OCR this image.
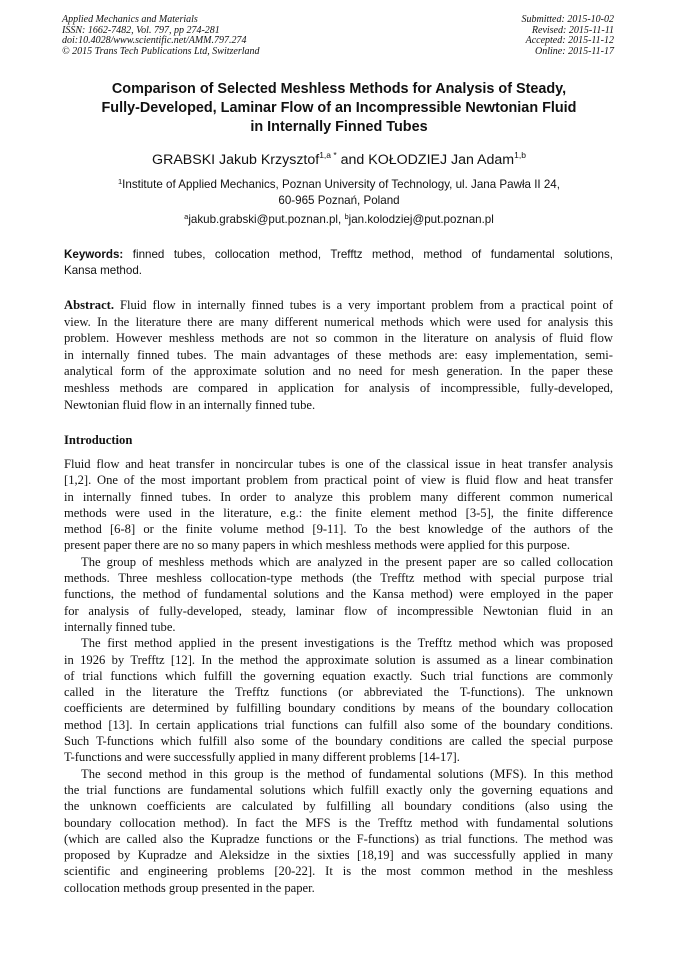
Applied Mechanics and Materials
ISSN: 1662-7482, Vol. 797, pp 274-281
doi:10.4028/www.scientific.net/AMM.797.274
© 2015 Trans Tech Publications Ltd, Switzerland
Submitted: 2015-10-02
Revised: 2015-11-11
Accepted: 2015-11-12
Online: 2015-11-17
Comparison of Selected Meshless Methods for Analysis of Steady,
Fully-Developed, Laminar Flow of an Incompressible Newtonian Fluid
in Internally Finned Tubes
GRABSKI Jakub Krzysztof$^{1,a *}$ and KOŁODZIEJ Jan Adam$^{1,b}$
$^1$Institute of Applied Mechanics, Poznan University of Technology, ul. Jana Pawła II 24,
60-965 Poznań, Poland
$^a$jakub.grabski@put.poznan.pl, $^b$jan.kolodziej@put.poznan.pl
Keywords: finned tubes, collocation method, Trefftz method, method of fundamental solutions,
Kansa method.
Abstract. Fluid flow in internally finned tubes is a very important problem from a practical point of
view. In the literature there are many different numerical methods which were used for analysis this
problem. However meshless methods are not so common in the literature on analysis of fluid flow
in internally finned tubes. The main advantages of these methods are: easy implementation, semi-
analytical form of the approximate solution and no need for mesh generation. In the paper these
meshless methods are compared in application for analysis of incompressible, fully-developed,
Newtonian fluid flow in an internally finned tube.
Introduction
Fluid flow and heat transfer in noncircular tubes is one of the classical issue in heat transfer analysis
[1,2]. One of the most important problem from practical point of view is fluid flow and heat transfer
in internally finned tubes. In order to analyze this problem many different common numerical
methods were used in the literature, e.g.: the finite element method [3-5], the finite difference
method [6-8] or the finite volume method [9-11]. To the best knowledge of the authors of the
present paper there are no so many papers in which meshless methods were applied for this purpose.
The group of meshless methods which are analyzed in the present paper are so called collocation
methods. Three meshless collocation-type methods (the Trefftz method with special purpose trial
functions, the method of fundamental solutions and the Kansa method) were employed in the paper
for analysis of fully-developed, steady, laminar flow of incompressible Newtonian fluid in an
internally finned tube.
The first method applied in the present investigations is the Trefftz method which was proposed
in 1926 by Trefftz [12]. In the method the approximate solution is assumed as a linear combination
of trial functions which fulfill the governing equation exactly. Such trial functions are commonly
called in the literature the Trefftz functions (or abbreviated the T-functions). The unknown
coefficients are determined by fulfilling boundary conditions by means of the boundary collocation
method [13]. In certain applications trial functions can fulfill also some of the boundary conditions.
Such T-functions which fulfill also some of the boundary conditions are called the special purpose
T-functions and were successfully applied in many different problems [14-17].
The second method in this group is the method of fundamental solutions (MFS). In this method
the trial functions are fundamental solutions which fulfill exactly only the governing equations and
the unknown coefficients are calculated by fulfilling all boundary conditions (also using the
boundary collocation method). In fact the MFS is the Trefftz method with fundamental solutions
(which are called also the Kupradze functions or the F-functions) as trial functions. The method was
proposed by Kupradze and Aleksidze in the sixties [18,19] and was successfully applied in many
scientific and engineering problems [20-22]. It is the most common method in the meshless
collocation methods group presented in the paper.
